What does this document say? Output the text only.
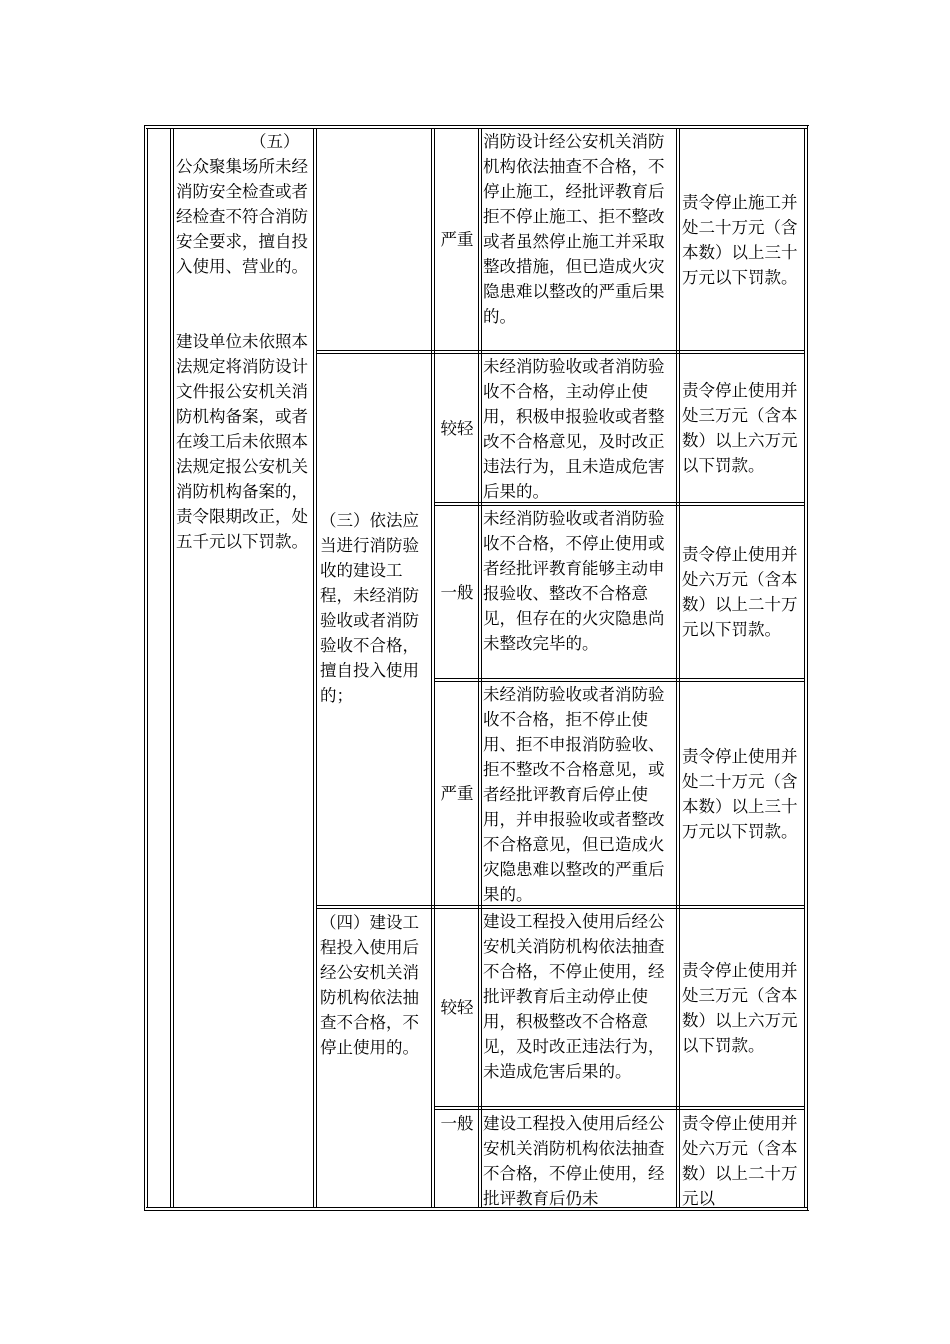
（五）
公众聚集场所未经消防安全检查或者经检查不符合消防安全要求，擅自投入使用、营业的。
建设单位未依照本法规定将消防设计文件报公安机关消防机构备案，或者在竣工后未依照本法规定报公安机关消防机构备案的，责令限期改正，处五千元以下罚款。
（三）依法应当进行消防验收的建设工程，未经消防验收或者消防验收不合格，擅自投入使用的；
（四）建设工程投入使用后经公安机关消防机构依法抽查不合格，不停止使用的。
严重
消防设计经公安机关消防机构依法抽查不合格，不停止施工，经批评教育后拒不停止施工、拒不整改或者虽然停止施工并采取整改措施，但已造成火灾隐患难以整改的严重后果的。
责令停止施工并处二十万元（含本数）以上三十万元以下罚款。
较轻
未经消防验收或者消防验收不合格，主动停止使用，积极申报验收或者整改不合格意见，及时改正违法行为，且未造成危害后果的。
责令停止使用并处三万元（含本数）以上六万元以下罚款。
一般
未经消防验收或者消防验收不合格，不停止使用或者经批评教育能够主动申报验收、整改不合格意见，但存在的火灾隐患尚未整改完毕的。
责令停止使用并处六万元（含本数）以上二十万元以下罚款。
严重
未经消防验收或者消防验收不合格，拒不停止使用、拒不申报消防验收、拒不整改不合格意见，或者经批评教育后停止使用，并申报验收或者整改不合格意见，但已造成火灾隐患难以整改的严重后果的。
责令停止使用并处二十万元（含本数）以上三十万元以下罚款。
较轻
建设工程投入使用后经公安机关消防机构依法抽查不合格，不停止使用，经批评教育后主动停止使用，积极整改不合格意见，及时改正违法行为，未造成危害后果的。
责令停止使用并处三万元（含本数）以上六万元以下罚款。
一般 建设工程投入使用后经公安机关消防机构依法抽查不合格，不停止使用，经批评教育后仍未
责令停止使用并处六万元（含本数）以上二十万元以
